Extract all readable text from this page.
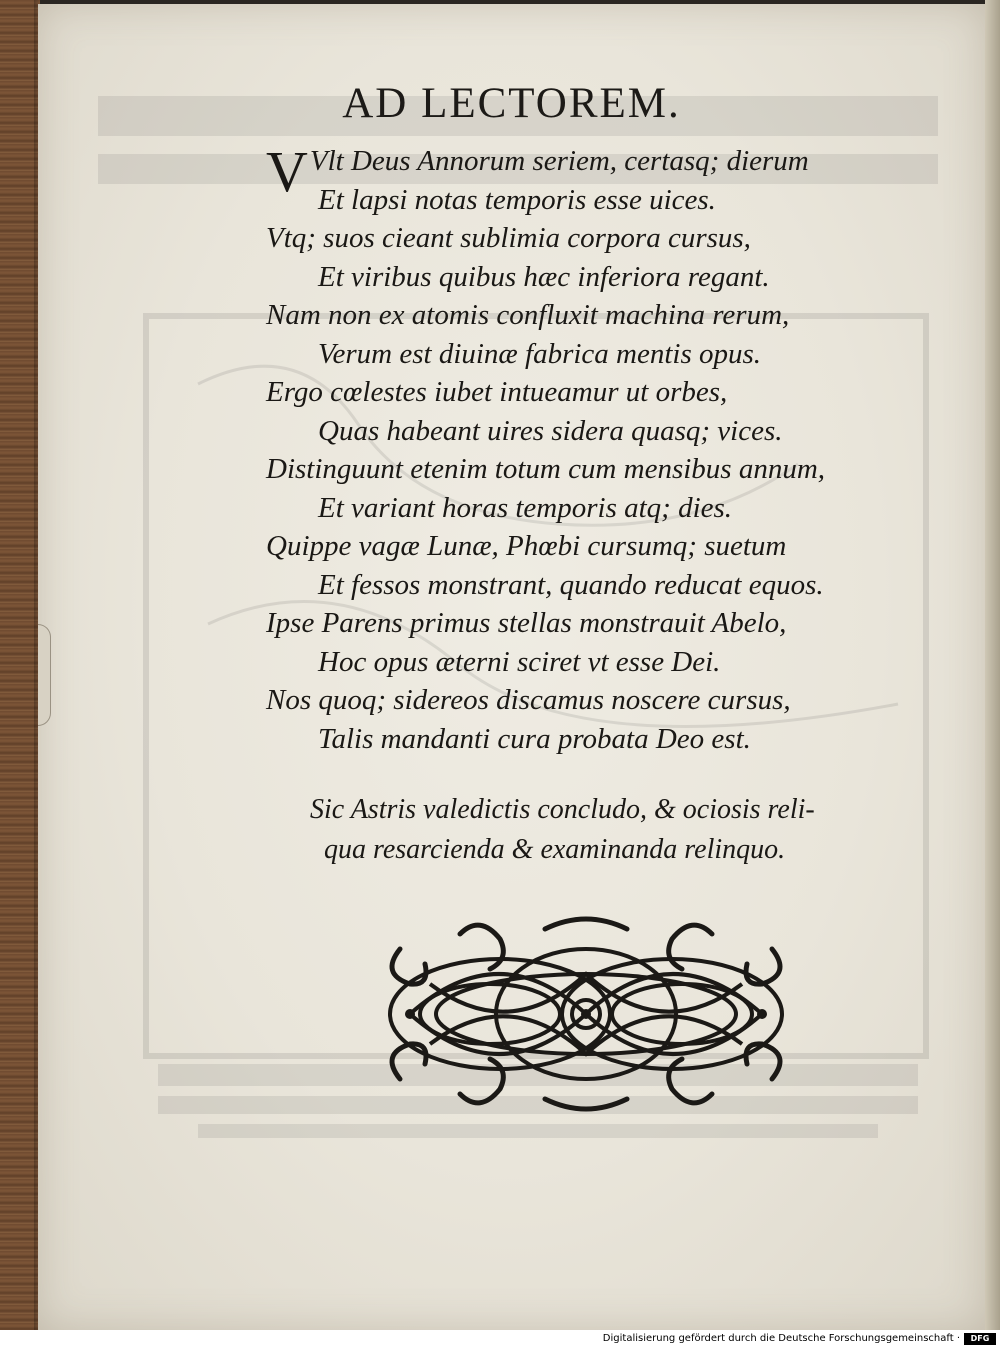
AD LECTOREM.
V Vlt Deus Annorum seriem, certasq; dierum
Et lapsi notas temporis esse uices.
Vtq; suos cieant sublimia corpora cursus,
Et viribus quibus hæc inferiora regant.
Nam non ex atomis confluxit machina rerum,
Verum est diuinæ fabrica mentis opus.
Ergo cœlestes iubet intueamur ut orbes,
Quas habeant uires sidera quasq; vices.
Distinguunt etenim totum cum mensibus annum,
Et variant horas temporis atq; dies.
Quippe vagæ Lunæ, Phœbi cursumq; suetum
Et fessos monstrant, quando reducat equos.
Ipse Parens primus stellas monstrauit Abelo,
Hoc opus æterni sciret vt esse Dei.
Nos quoq; sidereos discamus noscere cursus,
Talis mandanti cura probata Deo est.
Sic Astris valedictis concludo, & ociosis reli-
qua resarcienda & examinanda relinquo.
Digitalisierung gefördert durch die Deutsche Forschungsgemeinschaft ·	DFG
